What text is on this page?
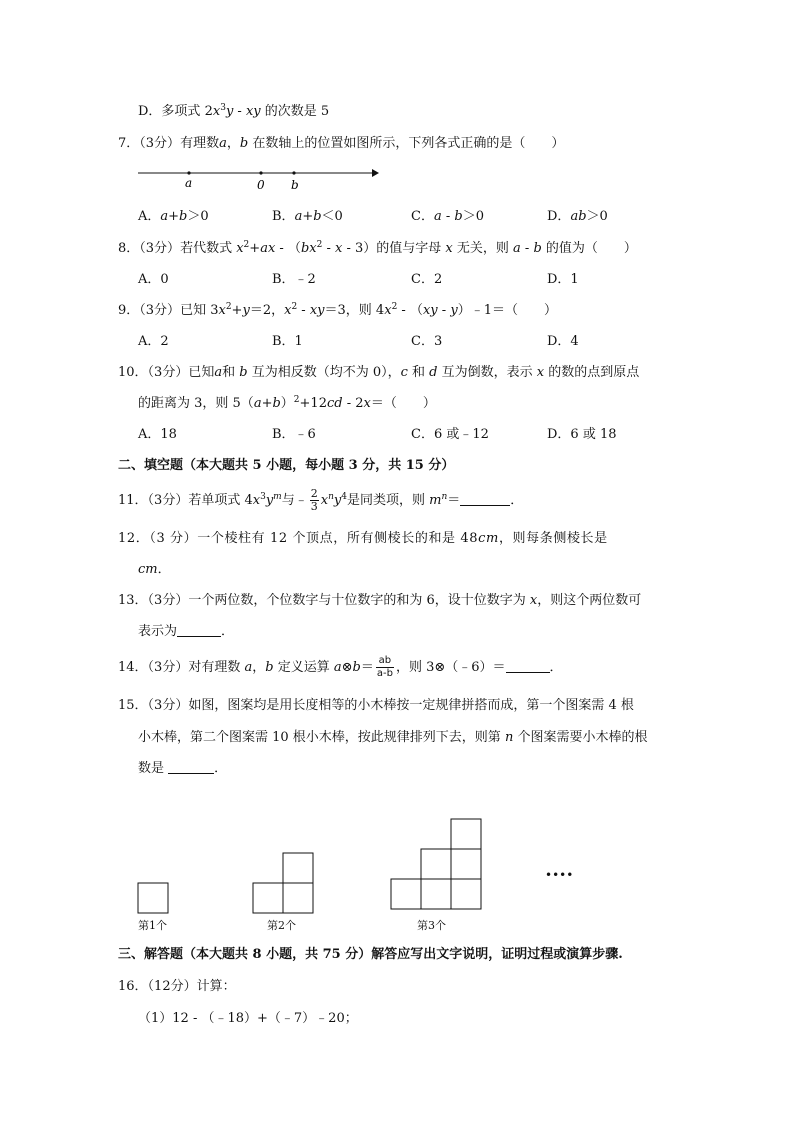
D．多项式 $2x^3y$ - xy 的次数是 5
7．（3分）有理数a，b 在数轴上的位置如图所示，下列各式正确的是（　　）
a	0 b
A．a+b＞0	B．a+b＜0	C．a - b＞0	D．ab＞0
8．（3分）若代数式 $x^2+ax - (bx^2 - x - 3)$的值与字母 x 无关，则 a - b 的值为（　　）
A．0	B．﹣2	C．2	D．1
9．（3分）已知 $3x^2+y=2$，$x^2 - xy=3$，则 $4x^2 - (xy$ - y）﹣1＝（　　）
A．2	B．1	C．3	D．4
10．（3分）已知a和 b 互为相反数（均不为 0），c 和 d 互为倒数，表示 x 的数的点到原点
的距离为 3，则 $5(a+b)^2+12cd - 2x=$（　　）
A．18	B．﹣6	C．6 或﹣12	D．6 或 18
二、填空题（本大题共 5 小题，每小题 3 分，共 15 分）
11．（3分）若单项式 $4x^3y^m$与﹣ $\frac{2}{3} x^ny^4$是同类项，则 $m^n=$	．
12．（3 分）一个棱柱有 12 个顶点，所有侧棱长的和是 48cm，则每条侧棱长是
cm．
13．（3分）一个两位数，个位数字与十位数字的和为 6，设十位数字为 x，则这个两位数可
表示为	．
14．（3分）对有理数 a，b 定义运算 a⊗b＝ $\frac{ab}{a-b}$ ，则 3⊗（﹣6）＝	．
15．（3分）如图，图案均是用长度相等的小木棒按一定规律拼搭而成，第一个图案需 4 根
小木棒，第二个图案需 10 根小木棒，按此规律排列下去，则第 n 个图案需要小木棒的根
数是	．
••••
第1个	第2个	第3个
三、解答题（本大题共 8 小题，共 75 分）解答应写出文字说明，证明过程或演算步骤.
16．（12分）计算：
（1）12 - （﹣18）+（﹣7）﹣20；
